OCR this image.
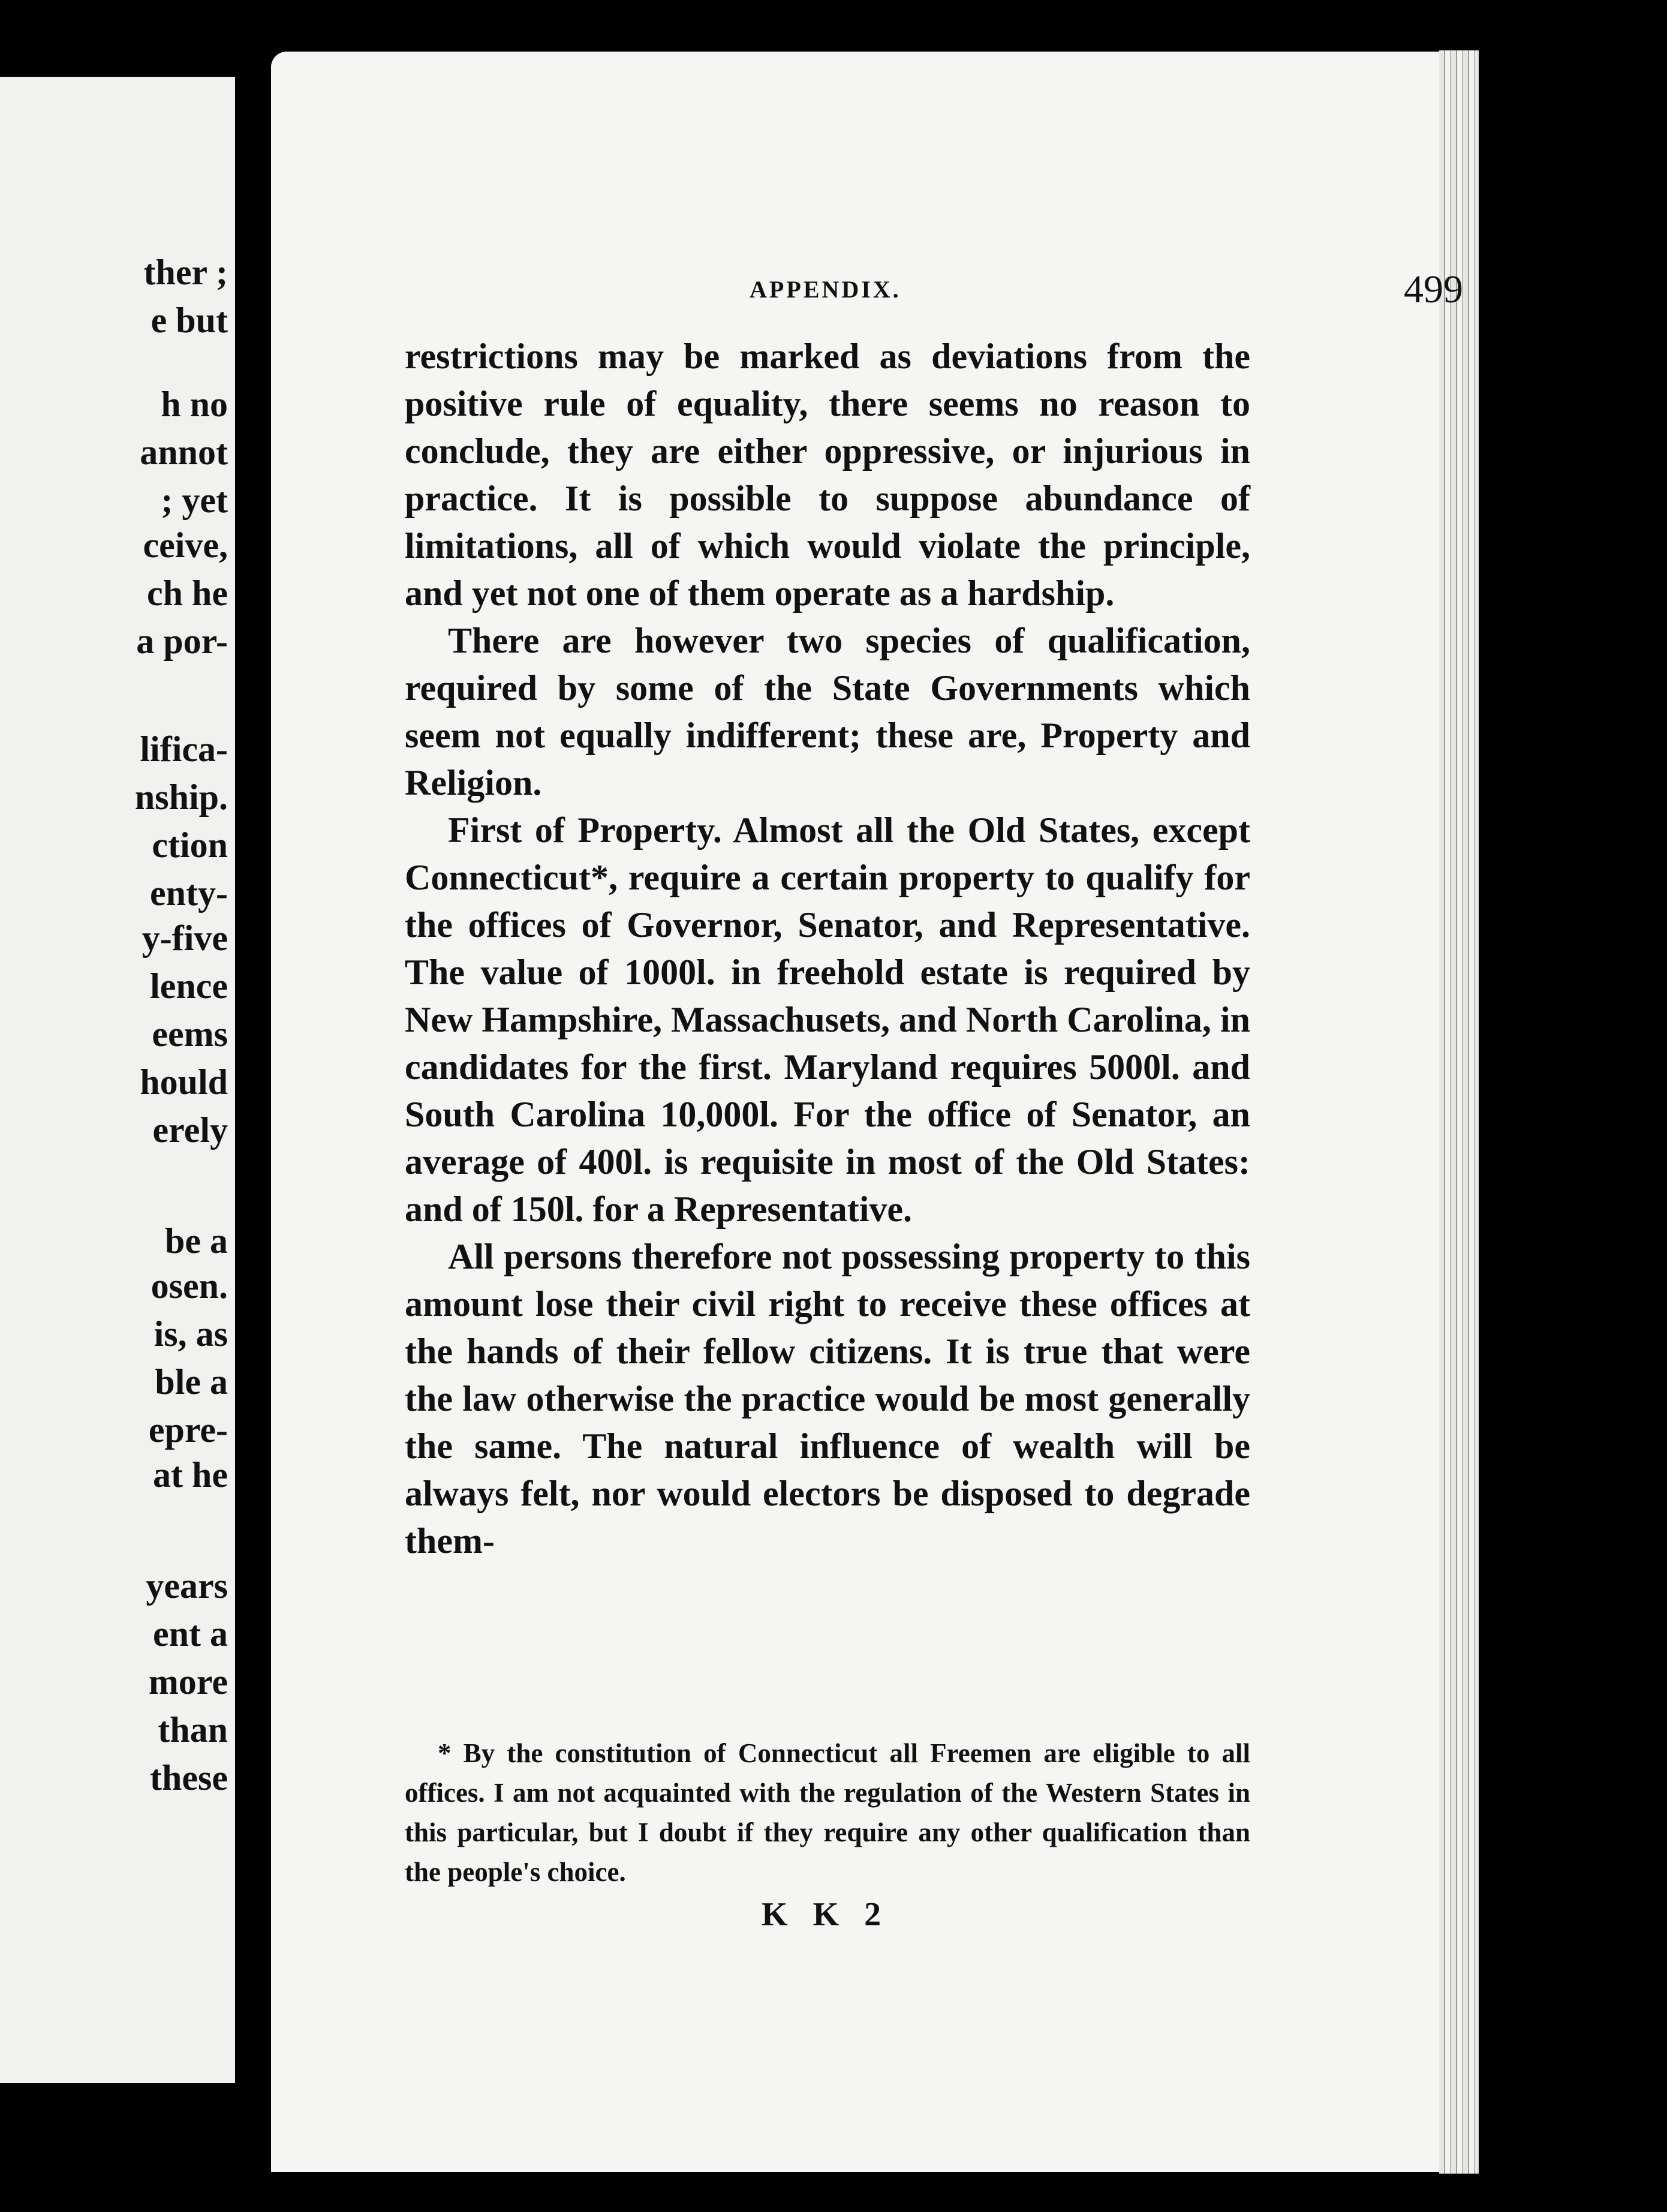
ther ;
e but
h no
annot
; yet
ceive,
ch he
a por-
lifica-
nship.
ction
enty-
y-five
lence
eems
hould
erely
be a
osen.
is, as
ble a
epre-
at he
years
ent a
more
than
these
APPENDIX.	499

restrictions may be marked as deviations from the positive rule of equality, there seems no reason to conclude, they are either oppressive, or injurious in practice. It is possible to suppose abundance of limitations, all of which would violate the principle, and yet not one of them operate as a hardship.

There are however two species of qualification, required by some of the State Governments which seem not equally indifferent; these are, Property and Religion.

First of Property. Almost all the Old States, except Connecticut*, require a certain property to qualify for the offices of Governor, Senator, and Representative. The value of 1000l. in freehold estate is required by New Hampshire, Massachusets, and North Carolina, in candidates for the first. Maryland requires 5000l. and South Carolina 10,000l. For the office of Senator, an average of 400l. is requisite in most of the Old States: and of 150l. for a Representative.

All persons therefore not possessing property to this amount lose their civil right to receive these offices at the hands of their fellow citizens. It is true that were the law otherwise the practice would be most generally the same. The natural influence of wealth will be always felt, nor would electors be disposed to degrade them-

* By the constitution of Connecticut all Freemen are eligible to all offices. I am not acquainted with the regulation of the Western States in this particular, but I doubt if they require any other qualification than the people's choice.
K K 2
